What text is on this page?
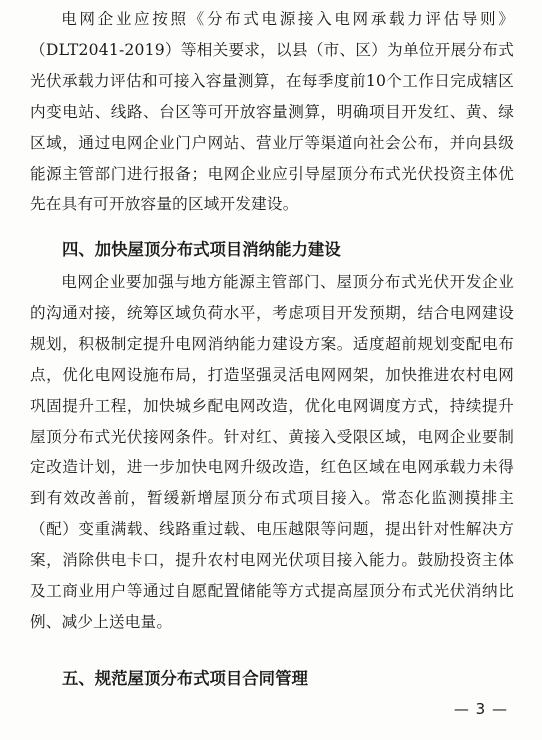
电网企业应按照《分布式电源接入电网承载力评估导则》（DLT2041-2019）等相关要求，以县（市、区）为单位开展分布式光伏承载力评估和可接入容量测算，在每季度前10个工作日完成辖区内变电站、线路、台区等可开放容量测算，明确项目开发红、黄、绿区域，通过电网企业门户网站、营业厅等渠道向社会公布，并向县级能源主管部门进行报备；电网企业应引导屋顶分布式光伏投资主体优先在具有可开放容量的区域开发建设。
四、加快屋顶分布式项目消纳能力建设
电网企业要加强与地方能源主管部门、屋顶分布式光伏开发企业的沟通对接，统筹区域负荷水平，考虑项目开发预期，结合电网建设规划，积极制定提升电网消纳能力建设方案。适度超前规划变配电布点，优化电网设施布局，打造坚强灵活电网网架，加快推进农村电网巩固提升工程，加快城乡配电网改造，优化电网调度方式，持续提升屋顶分布式光伏接网条件。针对红、黄接入受限区域，电网企业要制定改造计划，进一步加快电网升级改造，红色区域在电网承载力未得到有效改善前，暂缓新增屋顶分布式项目接入。常态化监测摸排主（配）变重满载、线路重过载、电压越限等问题，提出针对性解决方案，消除供电卡口，提升农村电网光伏项目接入能力。鼓励投资主体及工商业用户等通过自愿配置储能等方式提高屋顶分布式光伏消纳比例、减少上送电量。
五、规范屋顶分布式项目合同管理
— 3 —
